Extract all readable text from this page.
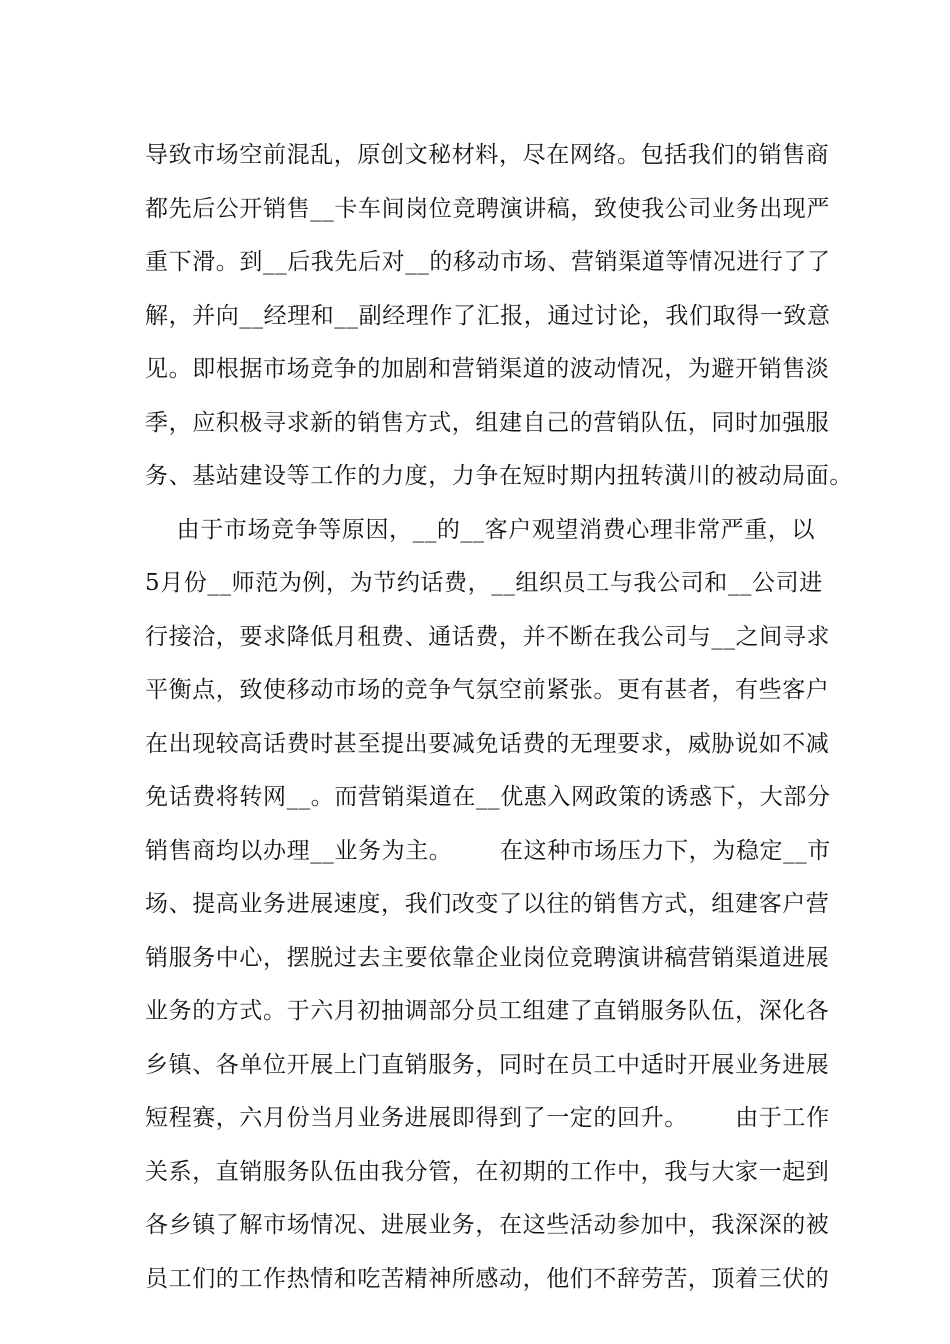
导致市场空前混乱，原创文秘材料，尽在网络。包括我们的销售商
都先后公开销售__卡车间岗位竞聘演讲稿，致使我公司业务出现严
重下滑。到__后我先后对__的移动市场、营销渠道等情况进行了了
解，并向__经理和__副经理作了汇报，通过讨论，我们取得一致意
见。即根据市场竞争的加剧和营销渠道的波动情况，为避开销售淡
季，应积极寻求新的销售方式，组建自己的营销队伍，同时加强服
务、基站建设等工作的力度，力争在短时期内扭转潢川的被动局面。
由于市场竞争等原因，__的__客户观望消费心理非常严重，以
5月份__师范为例，为节约话费，__组织员工与我公司和__公司进
行接洽，要求降低月租费、通话费，并不断在我公司与__之间寻求
平衡点，致使移动市场的竞争气氛空前紧张。更有甚者，有些客户
在出现较高话费时甚至提出要减免话费的无理要求，威胁说如不减
免话费将转网__。而营销渠道在__优惠入网政策的诱惑下，大部分
销售商均以办理__业务为主。      在这种市场压力下，为稳定__市
场、提高业务进展速度，我们改变了以往的销售方式，组建客户营
销服务中心，摆脱过去主要依靠企业岗位竞聘演讲稿营销渠道进展
业务的方式。于六月初抽调部分员工组建了直销服务队伍，深化各
乡镇、各单位开展上门直销服务，同时在员工中适时开展业务进展
短程赛，六月份当月业务进展即得到了一定的回升。      由于工作
关系，直销服务队伍由我分管，在初期的工作中，我与大家一起到
各乡镇了解市场情况、进展业务，在这些活动参加中，我深深的被
员工们的工作热情和吃苦精神所感动，他们不辞劳苦，顶着三伏的
